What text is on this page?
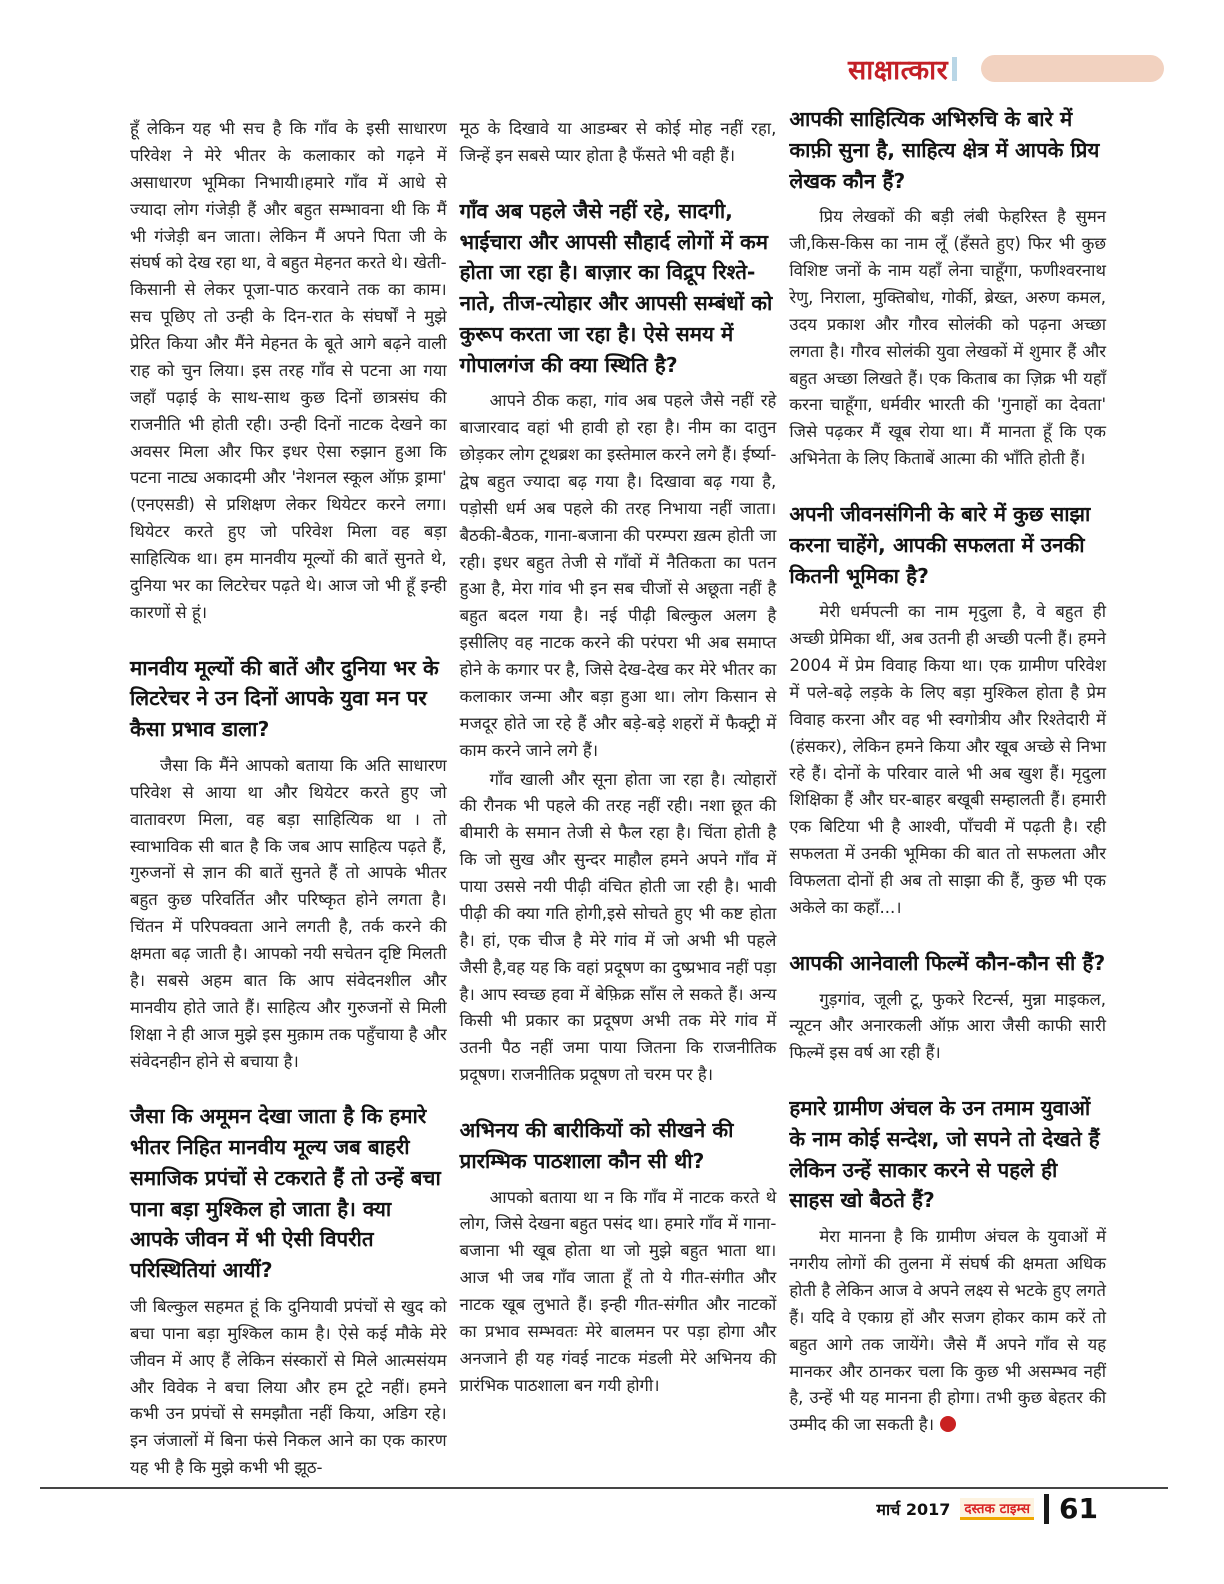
साक्षात्कार
हूँ लेकिन यह भी सच है कि गाँव के इसी साधारण परिवेश ने मेरे भीतर के कलाकार को गढ़ने में असाधारण भूमिका निभायी।हमारे गाँव में आधे से ज्यादा लोग गंजेड़ी हैं और बहुत सम्भावना थी कि मैं भी गंजेड़ी बन जाता। लेकिन मैं अपने पिता जी के संघर्ष को देख रहा था, वे बहुत मेहनत करते थे। खेती-किसानी से लेकर पूजा-पाठ करवाने तक का काम। सच पूछिए तो उन्ही के दिन-रात के संघर्षों ने मुझे प्रेरित किया और मैंने मेहनत के बूते आगे बढ़ने वाली राह को चुन लिया। इस तरह गाँव से पटना आ गया जहाँ पढ़ाई के साथ-साथ कुछ दिनों छात्रसंघ की राजनीति भी होती रही। उन्ही दिनों नाटक देखने का अवसर मिला और फिर इधर ऐसा रुझान हुआ कि पटना नाट्य अकादमी और 'नेशनल स्कूल ऑफ़ ड्रामा' (एनएसडी) से प्रशिक्षण लेकर थियेटर करने लगा। थियेटर करते हुए जो परिवेश मिला वह बड़ा साहित्यिक था। हम मानवीय मूल्यों की बातें सुनते थे, दुनिया भर का लिटरेचर पढ़ते थे। आज जो भी हूँ इन्ही कारणों से हूं।
मानवीय मूल्यों की बातें और दुनिया भर के लिटरेचर ने उन दिनों आपके युवा मन पर कैसा प्रभाव डाला?
जैसा कि मैंने आपको बताया कि अति साधारण परिवेश से आया था और थियेटर करते हुए जो वातावरण मिला, वह बड़ा साहित्यिक था । तो स्वाभाविक सी बात है कि जब आप साहित्य पढ़ते हैं, गुरुजनों से ज्ञान की बातें सुनते हैं तो आपके भीतर बहुत कुछ परिवर्तित और परिष्कृत होने लगता है। चिंतन में परिपक्वता आने लगती है, तर्क करने की क्षमता बढ़ जाती है। आपको नयी सचेतन दृष्टि मिलती है। सबसे अहम बात कि आप संवेदनशील और मानवीय होते जाते हैं। साहित्य और गुरुजनों से मिली शिक्षा ने ही आज मुझे इस मुक़ाम तक पहुँचाया है और संवेदनहीन होने से बचाया है।
जैसा कि अमूमन देखा जाता है कि हमारे भीतर निहित मानवीय मूल्य जब बाहरी समाजिक प्रपंचों से टकराते हैं तो उन्हें बचा पाना बड़ा मुश्किल हो जाता है। क्या आपके जीवन में भी ऐसी विपरीत परिस्थितियां आयीं?
जी बिल्कुल सहमत हूं कि दुनियावी प्रपंचों से खुद को बचा पाना बड़ा मुश्किल काम है। ऐसे कई मौके मेरे जीवन में आए हैं लेकिन संस्कारों से मिले आत्मसंयम और विवेक ने बचा लिया और हम टूटे नहीं। हमने कभी उन प्रपंचों से समझौता नहीं किया, अडिग रहे। इन जंजालों में बिना फंसे निकल आने का एक कारण यह भी है कि मुझे कभी भी झूठ-
मूठ के दिखावे या आडम्बर से कोई मोह नहीं रहा, जिन्हें इन सबसे प्यार होता है फँसते भी वही हैं।
गाँव अब पहले जैसे नहीं रहे, सादगी, भाईचारा और आपसी सौहार्द लोगों में कम होता जा रहा है। बाज़ार का विद्रूप रिश्ते-नाते, तीज-त्योहार और आपसी सम्बंधों को कुरूप करता जा रहा है। ऐसे समय में गोपालगंज की क्या स्थिति है?
आपने ठीक कहा, गांव अब पहले जैसे नहीं रहे बाजारवाद वहां भी हावी हो रहा है। नीम का दातुन छोड़कर लोग टूथब्रश का इस्तेमाल करने लगे हैं। ईर्ष्या-द्वेष बहुत ज्यादा बढ़ गया है। दिखावा बढ़ गया है, पड़ोसी धर्म अब पहले की तरह निभाया नहीं जाता। बैठकी-बैठक, गाना-बजाना की परम्परा ख़त्म होती जा रही। इधर बहुत तेजी से गाँवों में नैतिकता का पतन हुआ है, मेरा गांव भी इन सब चीजों से अछूता नहीं है बहुत बदल गया है। नई पीढ़ी बिल्कुल अलग है इसीलिए वह नाटक करने की परंपरा भी अब समाप्त होने के कगार पर है, जिसे देख-देख कर मेरे भीतर का कलाकार जन्मा और बड़ा हुआ था। लोग किसान से मजदूर होते जा रहे हैं और बड़े-बड़े शहरों में फैक्ट्री में काम करने जाने लगे हैं।
गाँव खाली और सूना होता जा रहा है। त्योहारों की रौनक भी पहले की तरह नहीं रही। नशा छूत की बीमारी के समान तेजी से फैल रहा है। चिंता होती है कि जो सुख और सुन्दर माहौल हमने अपने गाँव में पाया उससे नयी पीढ़ी वंचित होती जा रही है। भावी पीढ़ी की क्या गति होगी,इसे सोचते हुए भी कष्ट होता है। हां, एक चीज है मेरे गांव में जो अभी भी पहले जैसी है,वह यह कि वहां प्रदूषण का दुष्प्रभाव नहीं पड़ा है। आप स्वच्छ हवा में बेफ़िक्र साँस ले सकते हैं। अन्य किसी भी प्रकार का प्रदूषण अभी तक मेरे गांव में उतनी पैठ नहीं जमा पाया जितना कि राजनीतिक प्रदूषण। राजनीतिक प्रदूषण तो चरम पर है।
अभिनय की बारीकियों को सीखने की प्रारम्भिक पाठशाला कौन सी थी?
आपको बताया था न कि गाँव में नाटक करते थे लोग, जिसे देखना बहुत पसंद था। हमारे गाँव में गाना-बजाना भी खूब होता था जो मुझे बहुत भाता था। आज भी जब गाँव जाता हूँ तो ये गीत-संगीत और नाटक खूब लुभाते हैं। इन्ही गीत-संगीत और नाटकों का प्रभाव सम्भवतः मेरे बालमन पर पड़ा होगा और अनजाने ही यह गंवई नाटक मंडली मेरे अभिनय की प्रारंभिक पाठशाला बन गयी होगी।
आपकी साहित्यिक अभिरुचि के बारे में काफ़ी सुना है, साहित्य क्षेत्र में आपके प्रिय लेखक कौन हैं?
प्रिय लेखकों की बड़ी लंबी फेहरिस्त है सुमन जी,किस-किस का नाम लूँ (हँसते हुए) फिर भी कुछ विशिष्ट जनों के नाम यहाँ लेना चाहूँगा, फणीश्वरनाथ रेणु, निराला, मुक्तिबोध, गोर्की, ब्रेख्त, अरुण कमल, उदय प्रकाश और गौरव सोलंकी को पढ़ना अच्छा लगता है। गौरव सोलंकी युवा लेखकों में शुमार हैं और बहुत अच्छा लिखते हैं। एक किताब का ज़िक्र भी यहाँ करना चाहूँगा, धर्मवीर भारती की 'गुनाहों का देवता' जिसे पढ़कर मैं खूब रोया था। मैं मानता हूँ कि एक अभिनेता के लिए किताबें आत्मा की भाँति होती हैं।
अपनी जीवनसंगिनी के बारे में कुछ साझा करना चाहेंगे, आपकी सफलता में उनकी कितनी भूमिका है?
मेरी धर्मपत्नी का नाम मृदुला है, वे बहुत ही अच्छी प्रेमिका थीं, अब उतनी ही अच्छी पत्नी हैं। हमने 2004 में प्रेम विवाह किया था। एक ग्रामीण परिवेश में पले-बढ़े लड़के के लिए बड़ा मुश्किल होता है प्रेम विवाह करना और वह भी स्वगोत्रीय और रिश्तेदारी में (हंसकर), लेकिन हमने किया और खूब अच्छे से निभा रहे हैं। दोनों के परिवार वाले भी अब खुश हैं। मृदुला शिक्षिका हैं और घर-बाहर बखूबी सम्हालती हैं। हमारी एक बिटिया भी है आश्वी, पाँचवी में पढ़ती है। रही सफलता में उनकी भूमिका की बात तो सफलता और विफलता दोनों ही अब तो साझा की हैं, कुछ भी एक अकेले का कहाँ...।
आपकी आनेवाली फिल्में कौन-कौन सी हैं?
गुड़गांव, जूली टू, फुकरे रिटर्न्स, मुन्ना माइकल, न्यूटन और अनारकली ऑफ़ आरा जैसी काफी सारी फिल्में इस वर्ष आ रही हैं।
हमारे ग्रामीण अंचल के उन तमाम युवाओं के नाम कोई सन्देश, जो सपने तो देखते हैं लेकिन उन्हें साकार करने से पहले ही साहस खो बैठते हैं?
मेरा मानना है कि ग्रामीण अंचल के युवाओं में नगरीय लोगों की तुलना में संघर्ष की क्षमता अधिक होती है लेकिन आज वे अपने लक्ष्य से भटके हुए लगते हैं। यदि वे एकाग्र हों और सजग होकर काम करें तो बहुत आगे तक जायेंगे। जैसे मैं अपने गाँव से यह मानकर और ठानकर चला कि कुछ भी असम्भव नहीं है, उन्हें भी यह मानना ही होगा। तभी कुछ बेहतर की उम्मीद की जा सकती है।
मार्च 2017 दस्तक टाइम्स 61
